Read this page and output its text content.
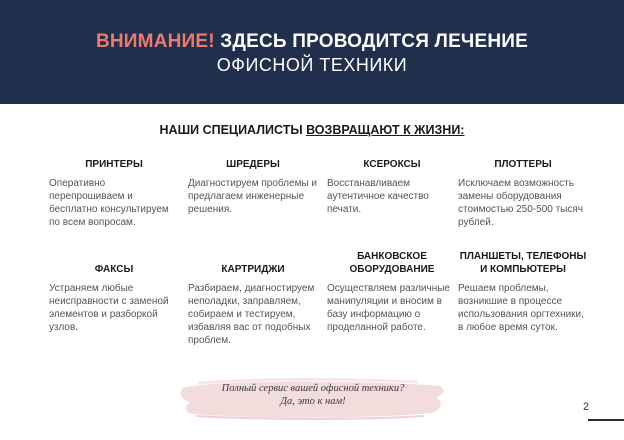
ВНИМАНИЕ! ЗДЕСЬ ПРОВОДИТСЯ ЛЕЧЕНИЕ
ОФИСНОЙ ТЕХНИКИ
НАШИ СПЕЦИАЛИСТЫ ВОЗВРАЩАЮТ К ЖИЗНИ:
ПРИНТЕРЫ
Оперативно перепрошиваем и бесплатно консультируем по всем вопросам.
ШРЕДЕРЫ
Диагностируем проблемы и предлагаем инженерные решения.
КСЕРОКСЫ
Восстанавливаем аутентичное качество печати.
ПЛОТТЕРЫ
Исключаем возможность замены оборудования стоимостью 250-500 тысяч рублей.
ФАКСЫ
Устраняем любые неисправности с заменой элементов и разборкой узлов.
КАРТРИДЖИ
Разбираем, диагностируем неполадки, заправляем, собираем и тестируем, избавляя вас от подобных проблем.
БАНКОВСКОЕ ОБОРУДОВАНИЕ
Осуществляем различные манипуляции и вносим в базу информацию о проделанной работе.
ПЛАНШЕТЫ, ТЕЛЕФОНЫ И КОМПЬЮТЕРЫ
Решаем проблемы, возникшие в процессе использования оргтехники, в любое время суток.
Полный сервис вашей офисной техники?
Да, это к нам!	2
